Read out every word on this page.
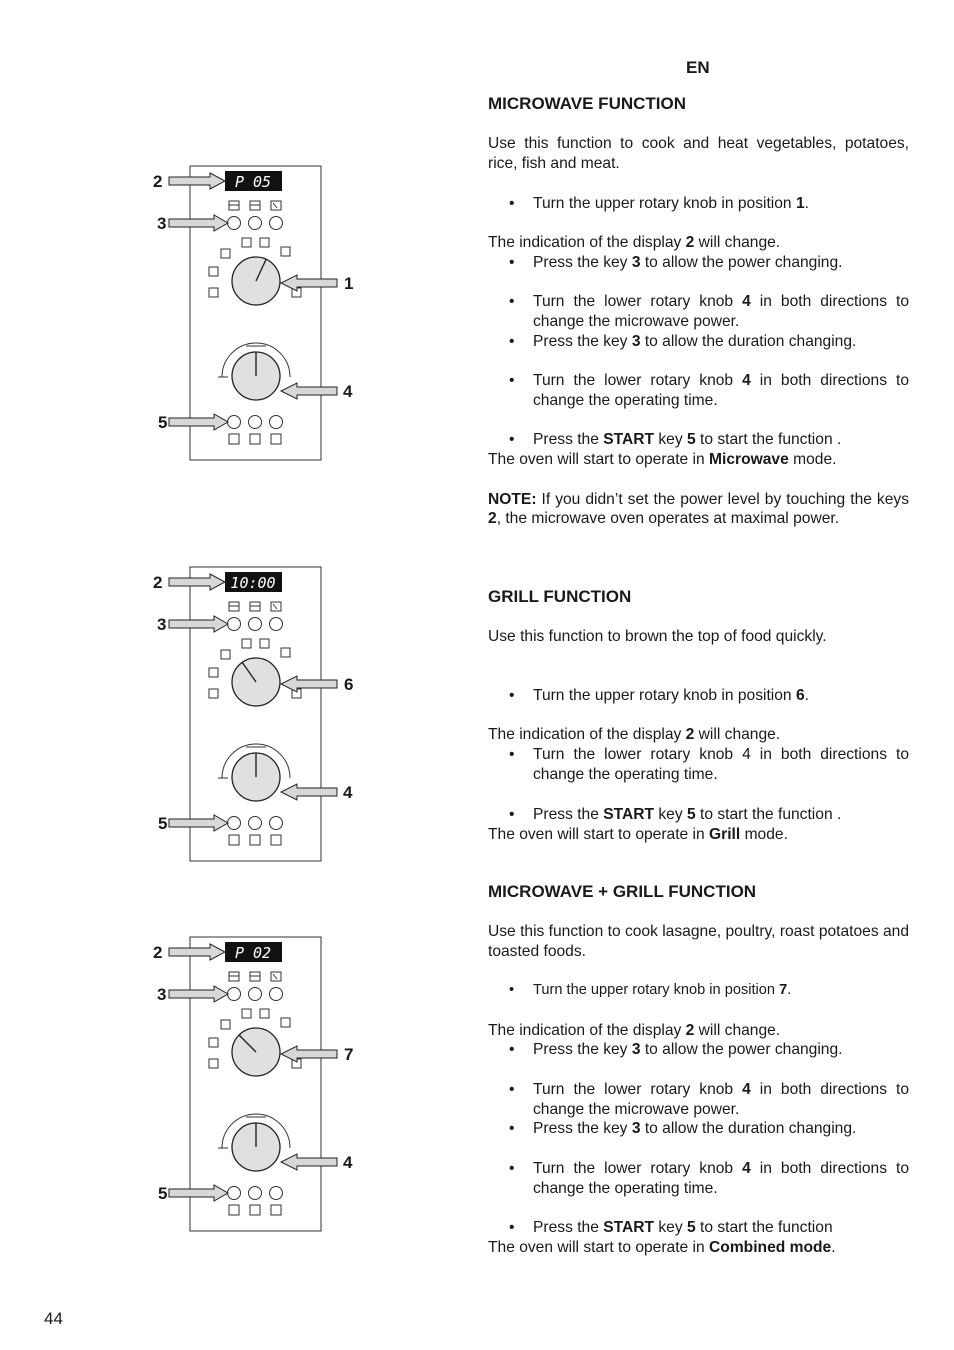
EN
44
P 05
2
3
1
4
5
10:00
2
3
6
4
5
P 02
2
3
7
4
5
MICROWAVE FUNCTION

Use this function to cook and heat vegetables, potatoes, rice, fish and meat.

• Turn the upper rotary knob in position 1.

The indication of the display 2 will change.

• Press the key 3 to allow the power changing.
• Turn the lower rotary knob 4 in both directions to change the microwave power.
• Press the key 3 to allow the duration changing.
• Turn the lower rotary knob 4 in both directions to change the operating time.
• Press the START key 5 to start the function .

The oven will start to operate in Microwave mode.

NOTE: If you didn’t set the power level by touching the keys 2, the microwave oven operates at maximal power.

GRILL FUNCTION

Use this function to brown the top of food quickly.

• Turn the upper rotary knob in position 6.

The indication of the display 2 will change.

• Turn the lower rotary knob 4 in both directions to change the operating time.
• Press the START key 5 to start the function .

The oven will start to operate in Grill mode.

MICROWAVE + GRILL FUNCTION

Use this function to cook lasagne, poultry, roast potatoes and toasted foods.

• Turn the upper rotary knob in position 7.

The indication of the display 2 will change.

• Press the key 3 to allow the power changing.
• Turn the lower rotary knob 4 in both directions to change the microwave power.
• Press the key 3 to allow the duration changing.
• Turn the lower rotary knob 4 in both directions to change the operating time.
• Press the START key 5 to start the function

The oven will start to operate in Combined mode.
